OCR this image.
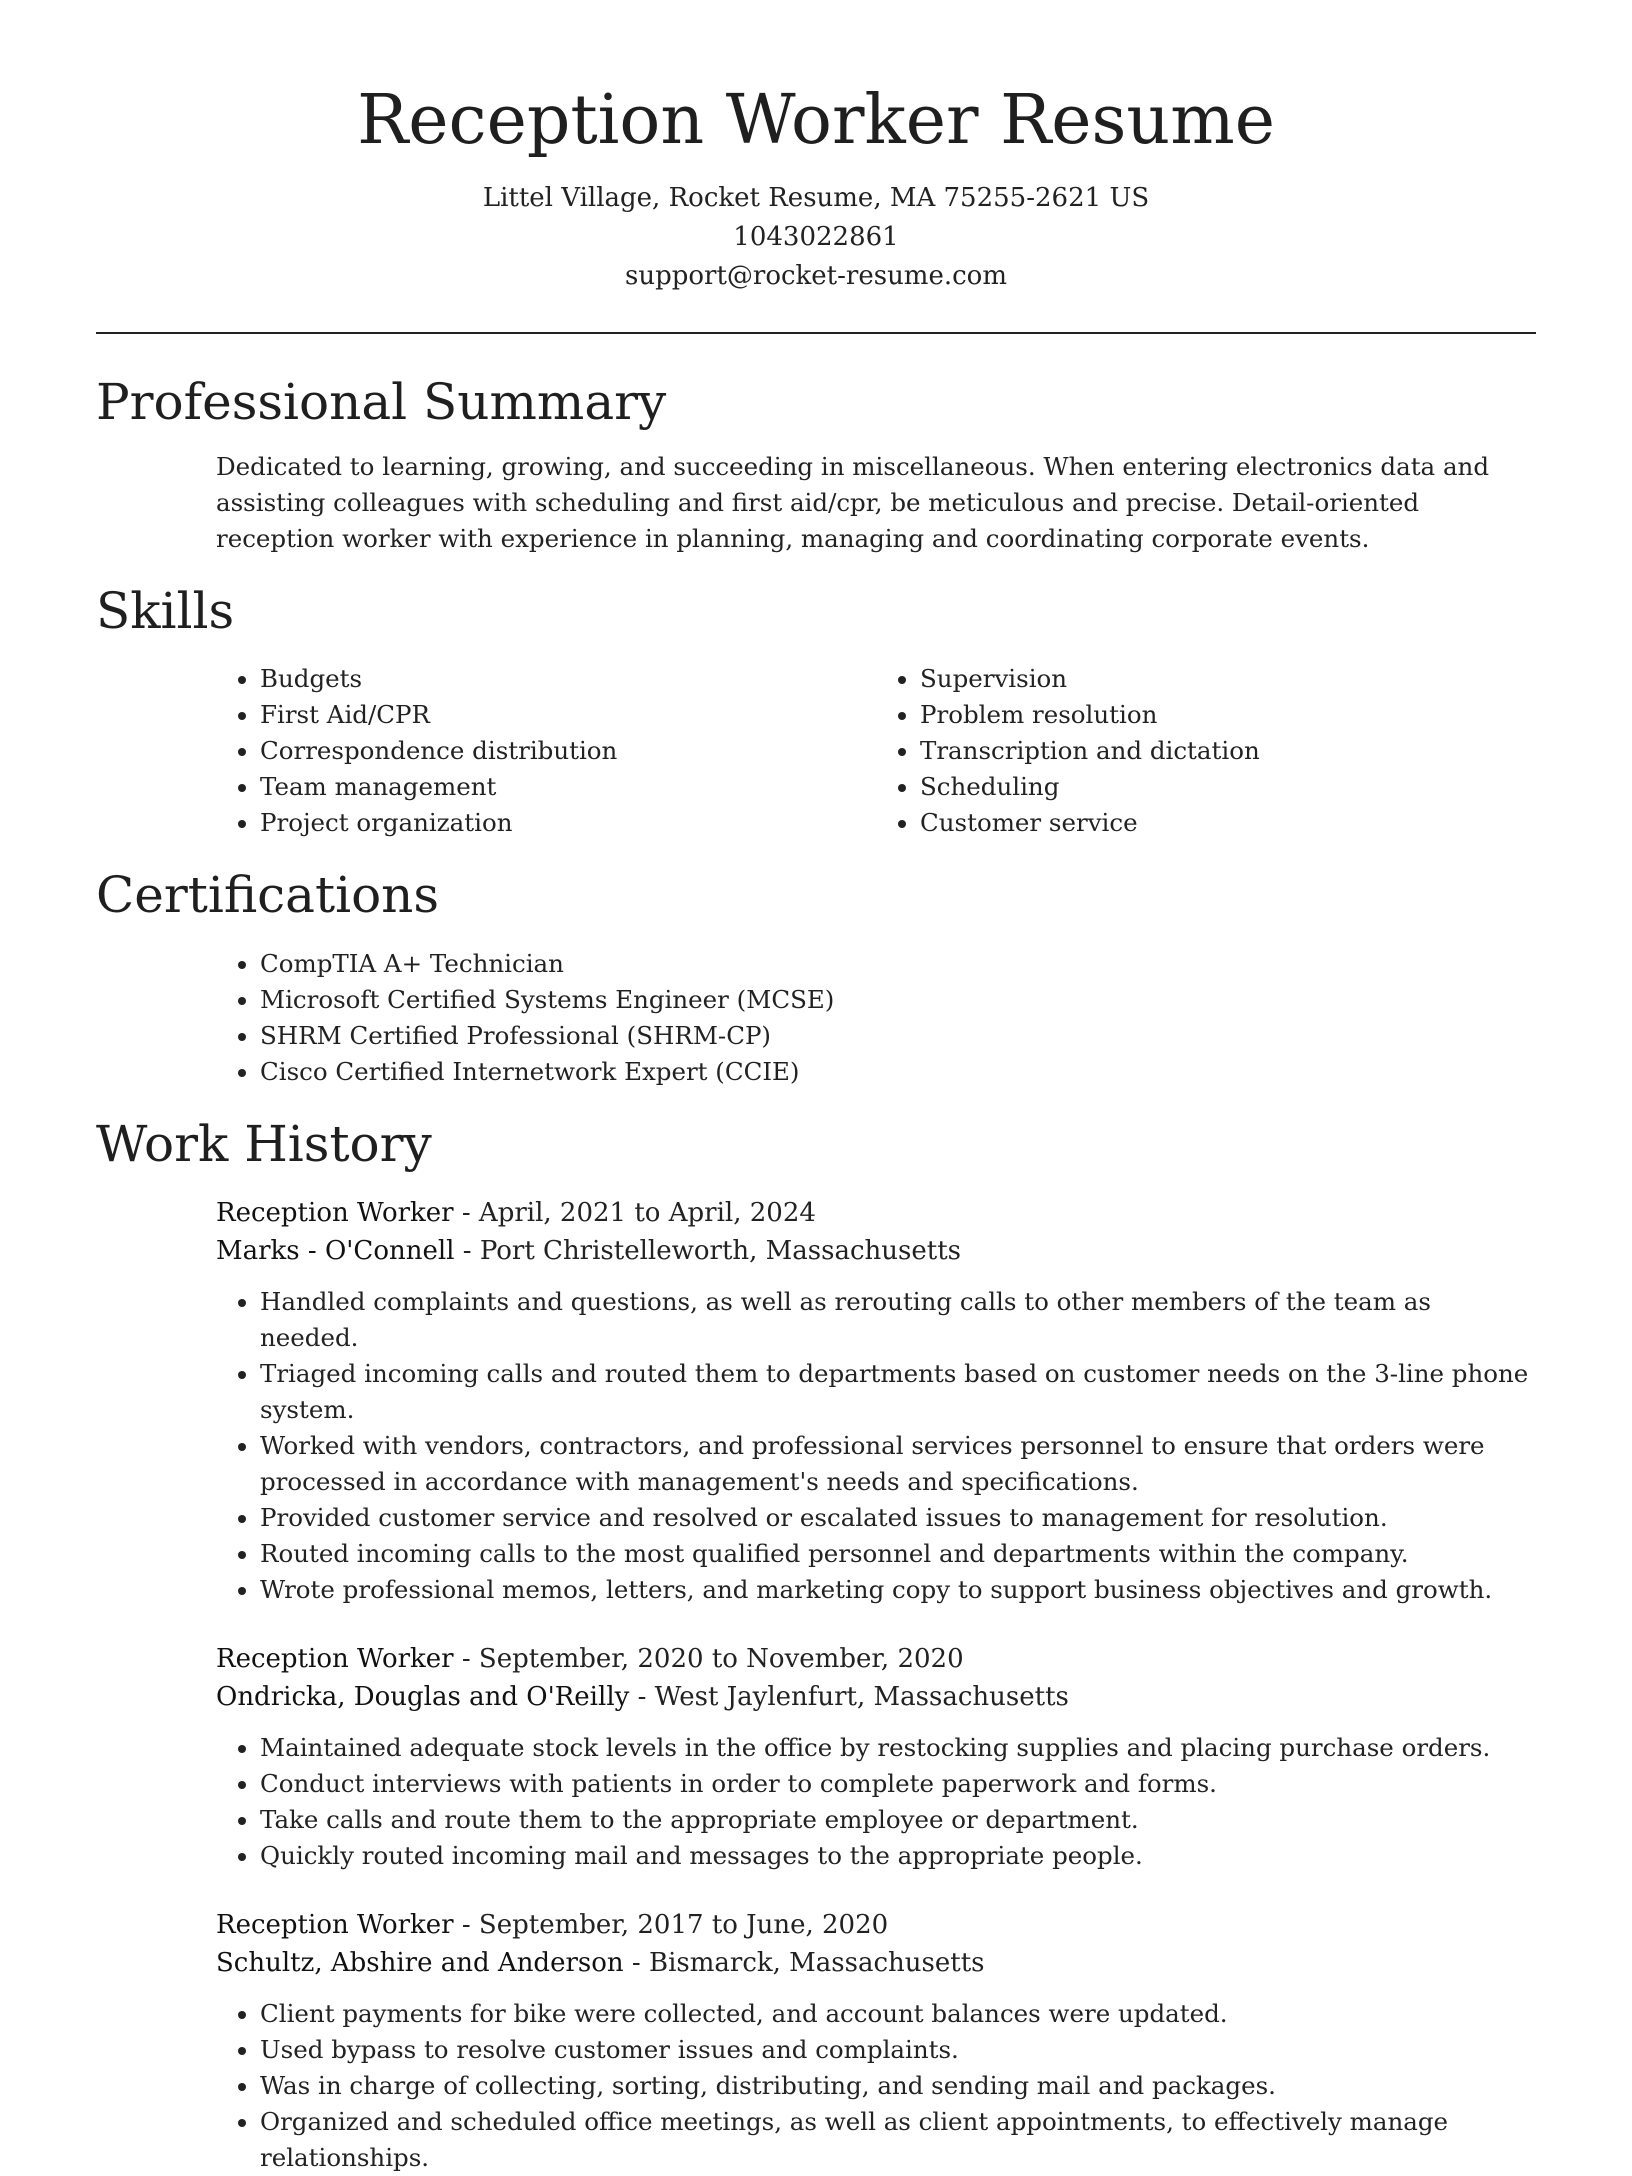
Reception Worker Resume
Littel Village, Rocket Resume, MA 75255-2621 US
1043022861
support@rocket-resume.com
Professional Summary

Dedicated to learning, growing, and succeeding in miscellaneous. When entering electronics data and assisting colleagues with scheduling and first aid/cpr, be meticulous and precise. Detail-oriented reception worker with experience in planning, managing and coordinating corporate events.

Skills
• Budgets
• First Aid/CPR
• Correspondence distribution
• Team management
• Project organization
• Supervision
• Problem resolution
• Transcription and dictation
• Scheduling
• Customer service
Certifications
• CompTIA A+ Technician
• Microsoft Certified Systems Engineer (MCSE)
• SHRM Certified Professional (SHRM-CP)
• Cisco Certified Internetwork Expert (CCIE)
Work History
Reception Worker - April, 2021 to April, 2024
Marks - O'Connell - Port Christelleworth, Massachusetts
• Handled complaints and questions, as well as rerouting calls to other members of the team as needed.
• Triaged incoming calls and routed them to departments based on customer needs on the 3-line phone system.
• Worked with vendors, contractors, and professional services personnel to ensure that orders were processed in accordance with management's needs and specifications.
• Provided customer service and resolved or escalated issues to management for resolution.
• Routed incoming calls to the most qualified personnel and departments within the company.
• Wrote professional memos, letters, and marketing copy to support business objectives and growth.
Reception Worker - September, 2020 to November, 2020
Ondricka, Douglas and O'Reilly - West Jaylenfurt, Massachusetts
• Maintained adequate stock levels in the office by restocking supplies and placing purchase orders.
• Conduct interviews with patients in order to complete paperwork and forms.
• Take calls and route them to the appropriate employee or department.
• Quickly routed incoming mail and messages to the appropriate people.
Reception Worker - September, 2017 to June, 2020
Schultz, Abshire and Anderson - Bismarck, Massachusetts
• Client payments for bike were collected, and account balances were updated.
• Used bypass to resolve customer issues and complaints.
• Was in charge of collecting, sorting, distributing, and sending mail and packages.
• Organized and scheduled office meetings, as well as client appointments, to effectively manage relationships.
